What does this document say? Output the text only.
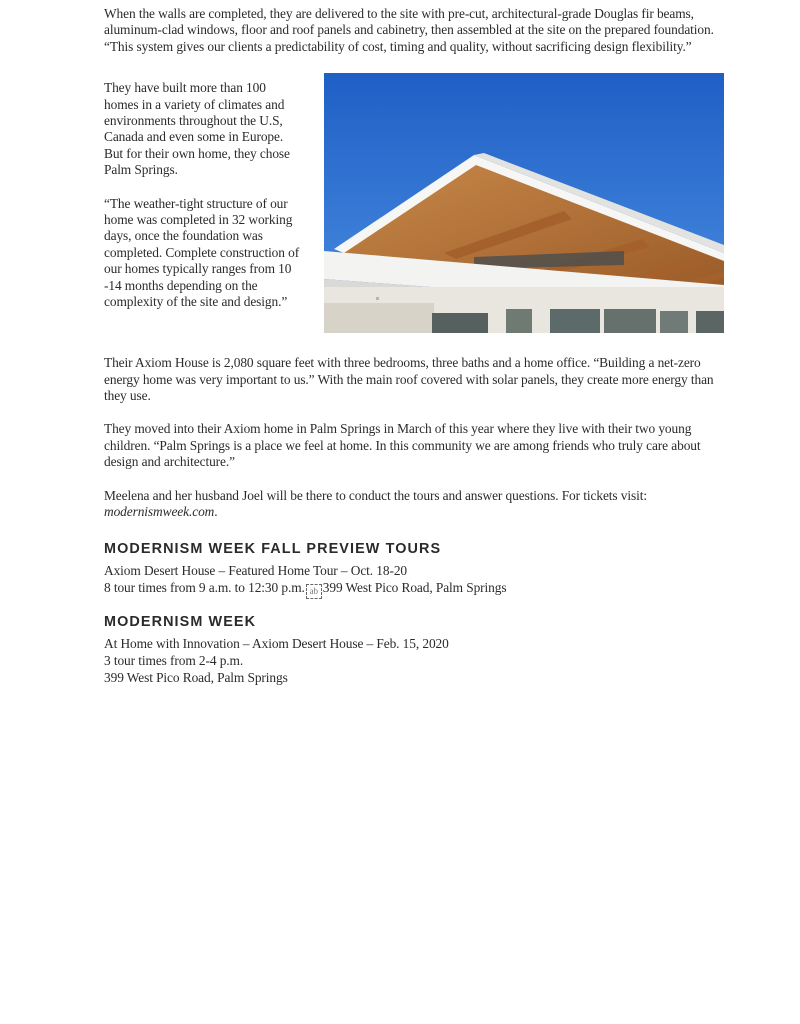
When the walls are completed, they are delivered to the site with pre-cut, architectural-grade Douglas fir beams, aluminum-clad windows, floor and roof panels and cabinetry, then assembled at the site on the prepared foundation. “This system gives our clients a predictability of cost, timing and quality, without sacrificing design flexibility.”

They have built more than 100 homes in a variety of climates and environments throughout the U.S, Canada and even some in Europe. But for their own home, they chose Palm Springs.

“The weather-tight structure of our home was completed in 32 working days, once the foundation was completed. Complete construction of our homes typically ranges from 10 -14 months depending on the complexity of the site and design.”

Their Axiom House is 2,080 square feet with three bedrooms, three baths and a home office. “Building a net-zero energy home was very important to us.” With the main roof covered with solar panels, they create more energy than they use.

They moved into their Axiom home in Palm Springs in March of this year where they live with their two young children. “Palm Springs is a place we feel at home. In this community we are among friends who truly care about design and architecture.”

Meelena and her husband Joel will be there to conduct the tours and answer questions. For tickets visit:
modernismweek.com.

MODERNISM WEEK FALL PREVIEW TOURS

Axiom Desert House – Featured Home Tour – Oct. 18-20

8 tour times from 9 a.m. to 12:30 p.m. ab 399 West Pico Road, Palm Springs

MODERNISM WEEK

At Home with Innovation – Axiom Desert House – Feb. 15, 2020

3 tour times from 2-4 p.m.

399 West Pico Road, Palm Springs
